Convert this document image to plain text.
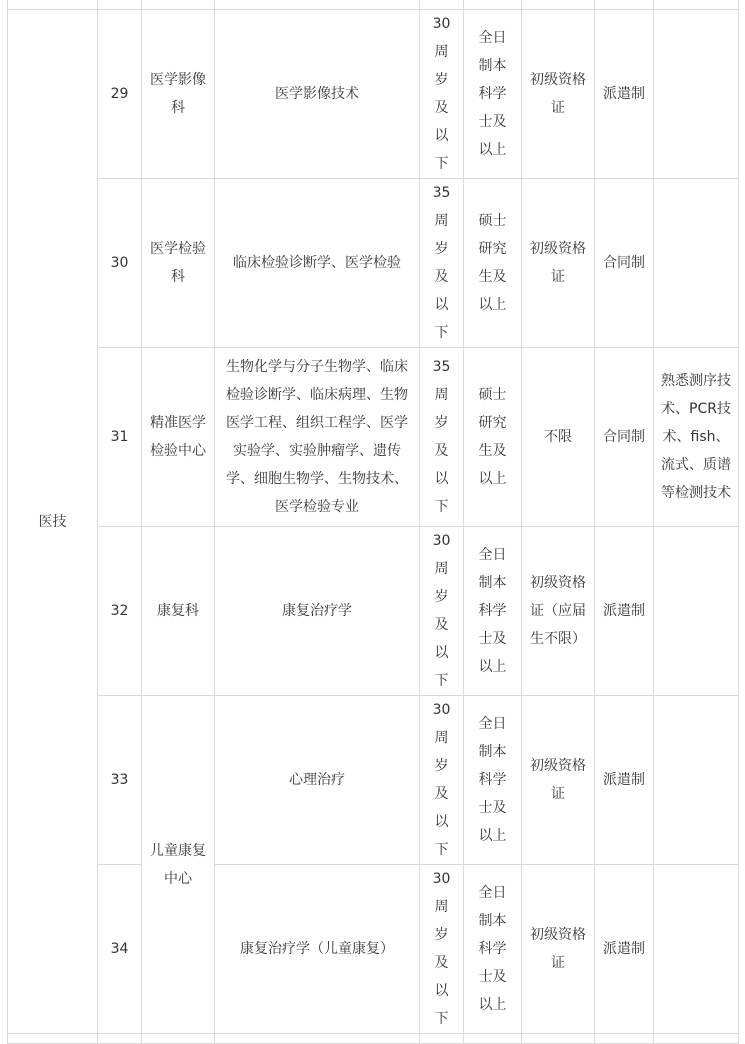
医技	29	医学影像科	医学影像技术	30周岁及以下	全日制本科学士及以上	初级资格证	派遣制	
	30	医学检验科	临床检验诊断学、医学检验	35周岁及以下	硕士研究生及以上	初级资格证	合同制	
	31	精准医学检验中心	生物化学与分子生物学、临床检验诊断学、临床病理、生物医学工程、组织工程学、医学实验学、实验肿瘤学、遗传学、细胞生物学、生物技术、医学检验专业	35周岁及以下	硕士研究生及以上	不限	合同制	熟悉测序技术、PCR技术、fish、流式、质谱等检测技术
	32	康复科	康复治疗学	30周岁及以下	全日制本科学士及以上	初级资格证（应届生不限）	派遣制	
	33	儿童康复中心	心理治疗	30周岁及以下	全日制本科学士及以上	初级资格证	派遣制	
	34		康复治疗学（儿童康复）	30周岁及以下	全日制本科学士及以上	初级资格证	派遣制	
